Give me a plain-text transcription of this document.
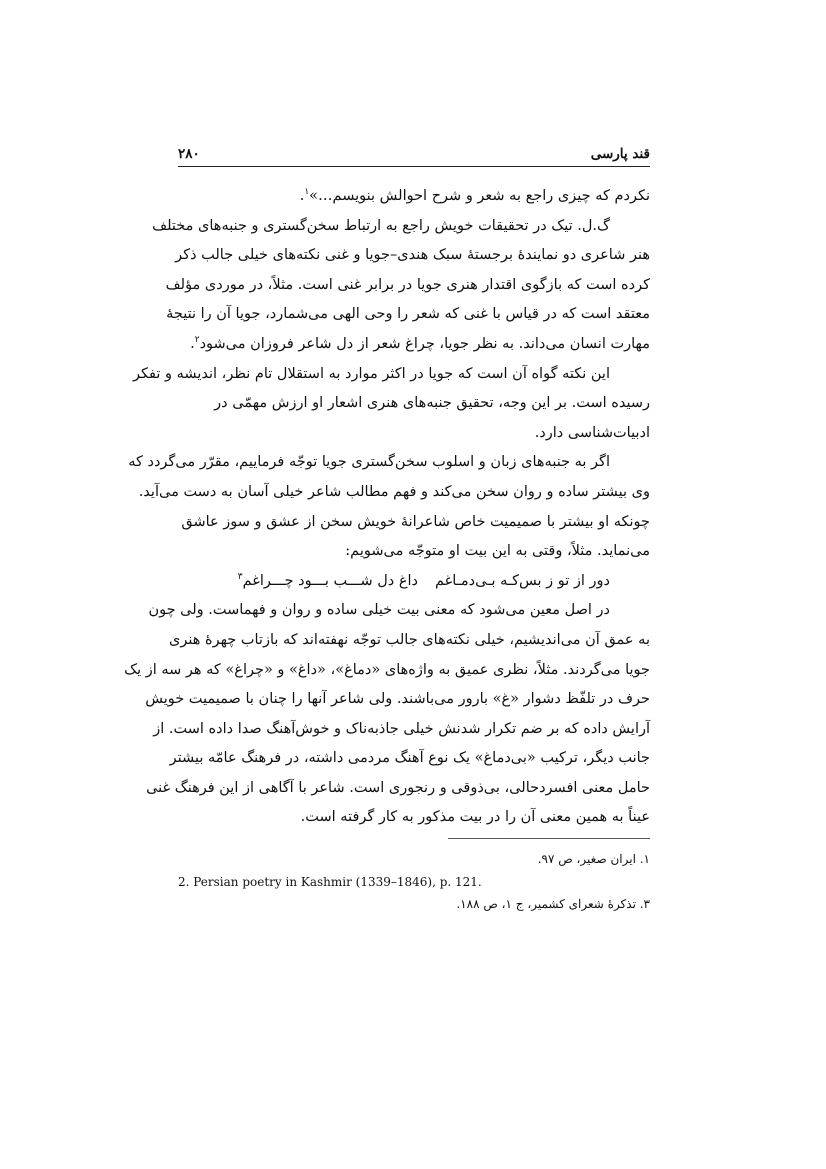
قند پارسی
۲۸۰
نکردم که چیزی راجع به شعر و شرح احوالش بنویسم…»$^۱$.
گ.ل. تیک در تحقیقات خویش راجع به ارتباط سخن‌گستری و جنبه‌های مختلف
هنر شاعری دو نمایندهٔ برجستهٔ سبک هندی–جویا و غنی نکته‌های خیلی جالب ذکر
کرده است که بازگوی اقتدار هنری جویا در برابر غنی است. مثلاً، در موردی مؤلف
معتقد است که در قیاس با غنی که شعر را وحی الهی می‌شمارد، جویا آن را نتیجهٔ
مهارت انسان می‌داند. به نظر جویا، چراغ شعر از دل شاعر فروزان می‌شود$^۲$.
این نکته گواه آن است که جویا در اکثر موارد به استقلال تام نظر، اندیشه و تفکر
رسیده است. بر این وجه، تحقیق جنبه‌های هنری اشعار او ارزش مهمّی در
ادبیات‌شناسی دارد.
اگر به جنبه‌های زبان و اسلوب سخن‌گستری جویا توجّه فرماییم، مقرّر می‌گردد که
وی بیشتر ساده و روان سخن می‌کند و فهم مطالب شاعر خیلی آسان به دست می‌آید.
چونکه او بیشتر با صمیمیت خاص شاعرانهٔ خویش سخن از عشق و سوز عاشق
می‌نماید. مثلاً، وقتی به این بیت او متوجّه می‌شویم:
دور از تو ز بس‌کـه بـی‌دمـاغم
داغ دل شـــب بـــود چـــراغم$^۳$
در اصل معین می‌شود که معنی بیت خیلی ساده و روان و فهماست. ولی چون
به عمق آن می‌اندیشیم، خیلی نکته‌های جالب توجّه نهفته‌اند که بازتاب چهرهٔ هنری
جویا می‌گردند. مثلاً، نظری عمیق به واژه‌های «دماغ»، «داغ» و «چراغ» که هر سه از یک
حرف در تلفّظ دشوار «غ» بارور می‌باشند. ولی شاعر آنها را چنان با صمیمیت خویش
آرایش داده که بر ضم تکرار شدنش خیلی جاذبه‌ناک و خوش‌آهنگ صدا داده است. از
جانب دیگر، ترکیب «بی‌دماغ» یک نوع آهنگ مردمی داشته، در فرهنگ عامّه بیشتر
حامل معنی افسردحالی، بی‌ذوقی و رنجوری است. شاعر با آگاهی از این فرهنگ غنی
عیناً به همین معنی آن را در بیت مذکور به کار گرفته است.
۱. ایران صغیر، ص ۹۷.
2. Persian poetry in Kashmir (1339–1846), p. 121.
۳. تذکرهٔ شعرای کشمیر، ج ۱، ص ۱۸۸.
